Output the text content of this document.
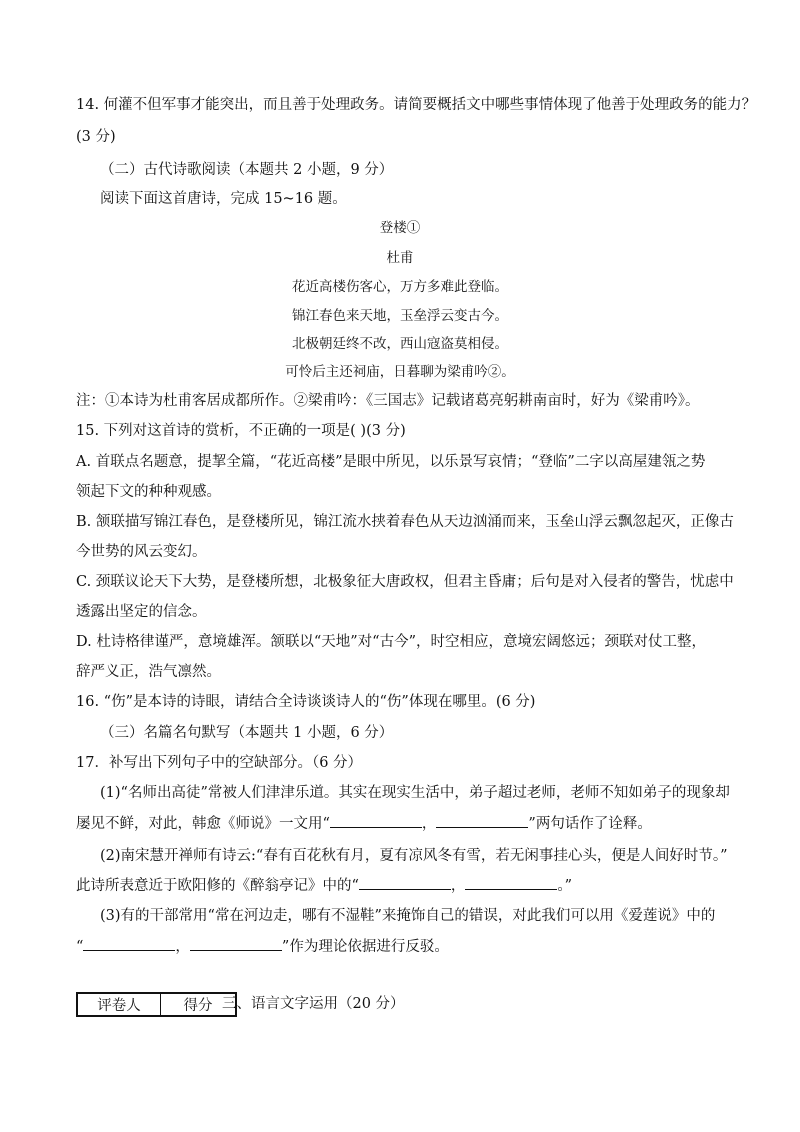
14. 何灌不但军事才能突出，而且善于处理政务。请简要概括文中哪些事情体现了他善于处理政务的能力？
(3 分)
（二）古代诗歌阅读（本题共 2 小题，9 分）
阅读下面这首唐诗，完成 15~16 题。
登楼①
杜甫
花近高楼伤客心，万方多难此登临。
锦江春色来天地，玉垒浮云变古今。
北极朝廷终不改，西山寇盗莫相侵。
可怜后主还祠庙，日暮聊为梁甫吟②。
注：①本诗为杜甫客居成都所作。②梁甫吟：《三国志》记载诸葛亮躬耕南亩时，好为《梁甫吟》。
15. 下列对这首诗的赏析，不正确的一项是( )(3 分)
A. 首联点名题意，提挈全篇，“花近高楼”是眼中所见，以乐景写哀情；“登临”二字以高屋建瓴之势
领起下文的种种观感。
B. 颔联描写锦江春色，是登楼所见，锦江流水挟着春色从天边汹涌而来，玉垒山浮云飘忽起灭，正像古
今世势的风云变幻。
C. 颈联议论天下大势，是登楼所想，北极象征大唐政权，但君主昏庸；后句是对入侵者的警告，忧虑中
透露出坚定的信念。
D. 杜诗格律谨严，意境雄浑。颔联以“天地”对“古今”，时空相应，意境宏阔悠远；颈联对仗工整，
辞严义正，浩气凛然。
16. “伤”是本诗的诗眼，请结合全诗谈谈诗人的“伤”体现在哪里。(6 分)
（三）名篇名句默写（本题共 1 小题，6 分）
17．补写出下列句子中的空缺部分。（6 分）
(1)“名师出高徒”常被人们津津乐道。其实在现实生活中，弟子超过老师，老师不知如弟子的现象却
屡见不鲜，对此，韩愈《师说》一文用“	，	”两句话作了诠释。
(2)南宋慧开禅师有诗云:“春有百花秋有月，夏有凉风冬有雪，若无闲事挂心头，便是人间好时节。”
此诗所表意近于欧阳修的《醉翁亭记》中的“	，	。”
(3)有的干部常用“常在河边走，哪有不湿鞋”来掩饰自己的错误，对此我们可以用《爱莲说》中的
“	，	”作为理论依据进行反驳。
评卷人	得分 三、语言文字运用（20 分）
